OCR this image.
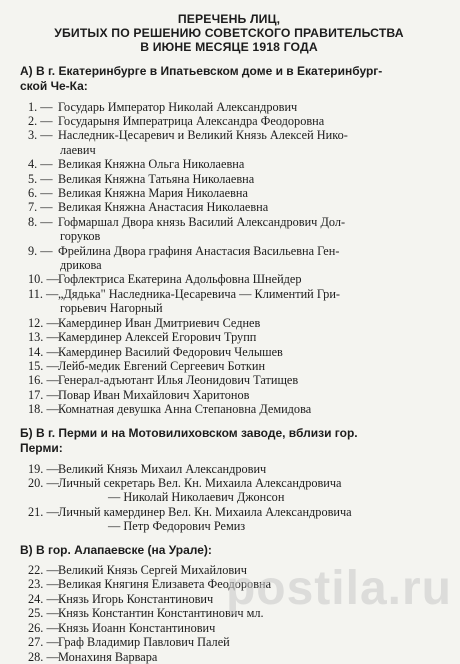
ПЕРЕЧЕНЬ ЛИЦ,
УБИТЫХ ПО РЕШЕНИЮ СОВЕТСКОГО ПРАВИТЕЛЬСТВА
В ИЮНЕ МЕСЯЦЕ 1918 ГОДА
А) В г. Екатеринбурге в Ипатьевском доме и в Екатеринбург-
ской Че-Ка:
1. — Государь Император Николай Александрович
2. — Государыня Императрица Александра Феодоровна
3. — Наследник-Цесаревич и Великий Князь Алексей Нико-
лаевич
4. — Великая Княжна Ольга Николаевна
5. — Великая Княжна Татьяна Николаевна
6. — Великая Княжна Мария Николаевна
7. — Великая Княжна Анастасия Николаевна
8. — Гофмаршал Двора князь Василий Александрович Дол-
горуков
9. — Фрейлина Двора графиня Анастасия Васильевна Ген-
дрикова
10. — Гофлектриса Екатерина Адольфовна Шнейдер
11. — „Дядька" Наследника-Цесаревича — Климентий Гри-
горьевич Нагорный
12. — Камердинер Иван Дмитриевич Седнев
13. — Камердинер Алексей Егорович Трупп
14. — Камердинер Василий Федорович Челышев
15. — Лейб-медик Евгений Сергеевич Боткин
16. — Генерал-адъютант Илья Леонидович Татищев
17. — Повар Иван Михайлович Харитонов
18. — Комнатная девушка Анна Степановна Демидова
Б) В г. Перми и на Мотовилиховском заводе, вблизи гор.
Перми:
19. — Великий Князь Михаил Александрович
20. — Личный секретарь Вел. Кн. Михаила Александровича
— Николай Николаевич Джонсон
21. — Личный камердинер Вел. Кн. Михаила Александровича
— Петр Федорович Ремиз
В) В гор. Алапаевске (на Урале):
22. — Великий Князь Сергей Михайлович
23. — Великая Княгиня Елизавета Феодоровна
24. — Князь Игорь Константинович
25. — Князь Константин Константинович мл.
26. — Князь Иоанн Константинович
27. — Граф Владимир Павлович Палей
28. — Монахиня Варвара
postila.ru
